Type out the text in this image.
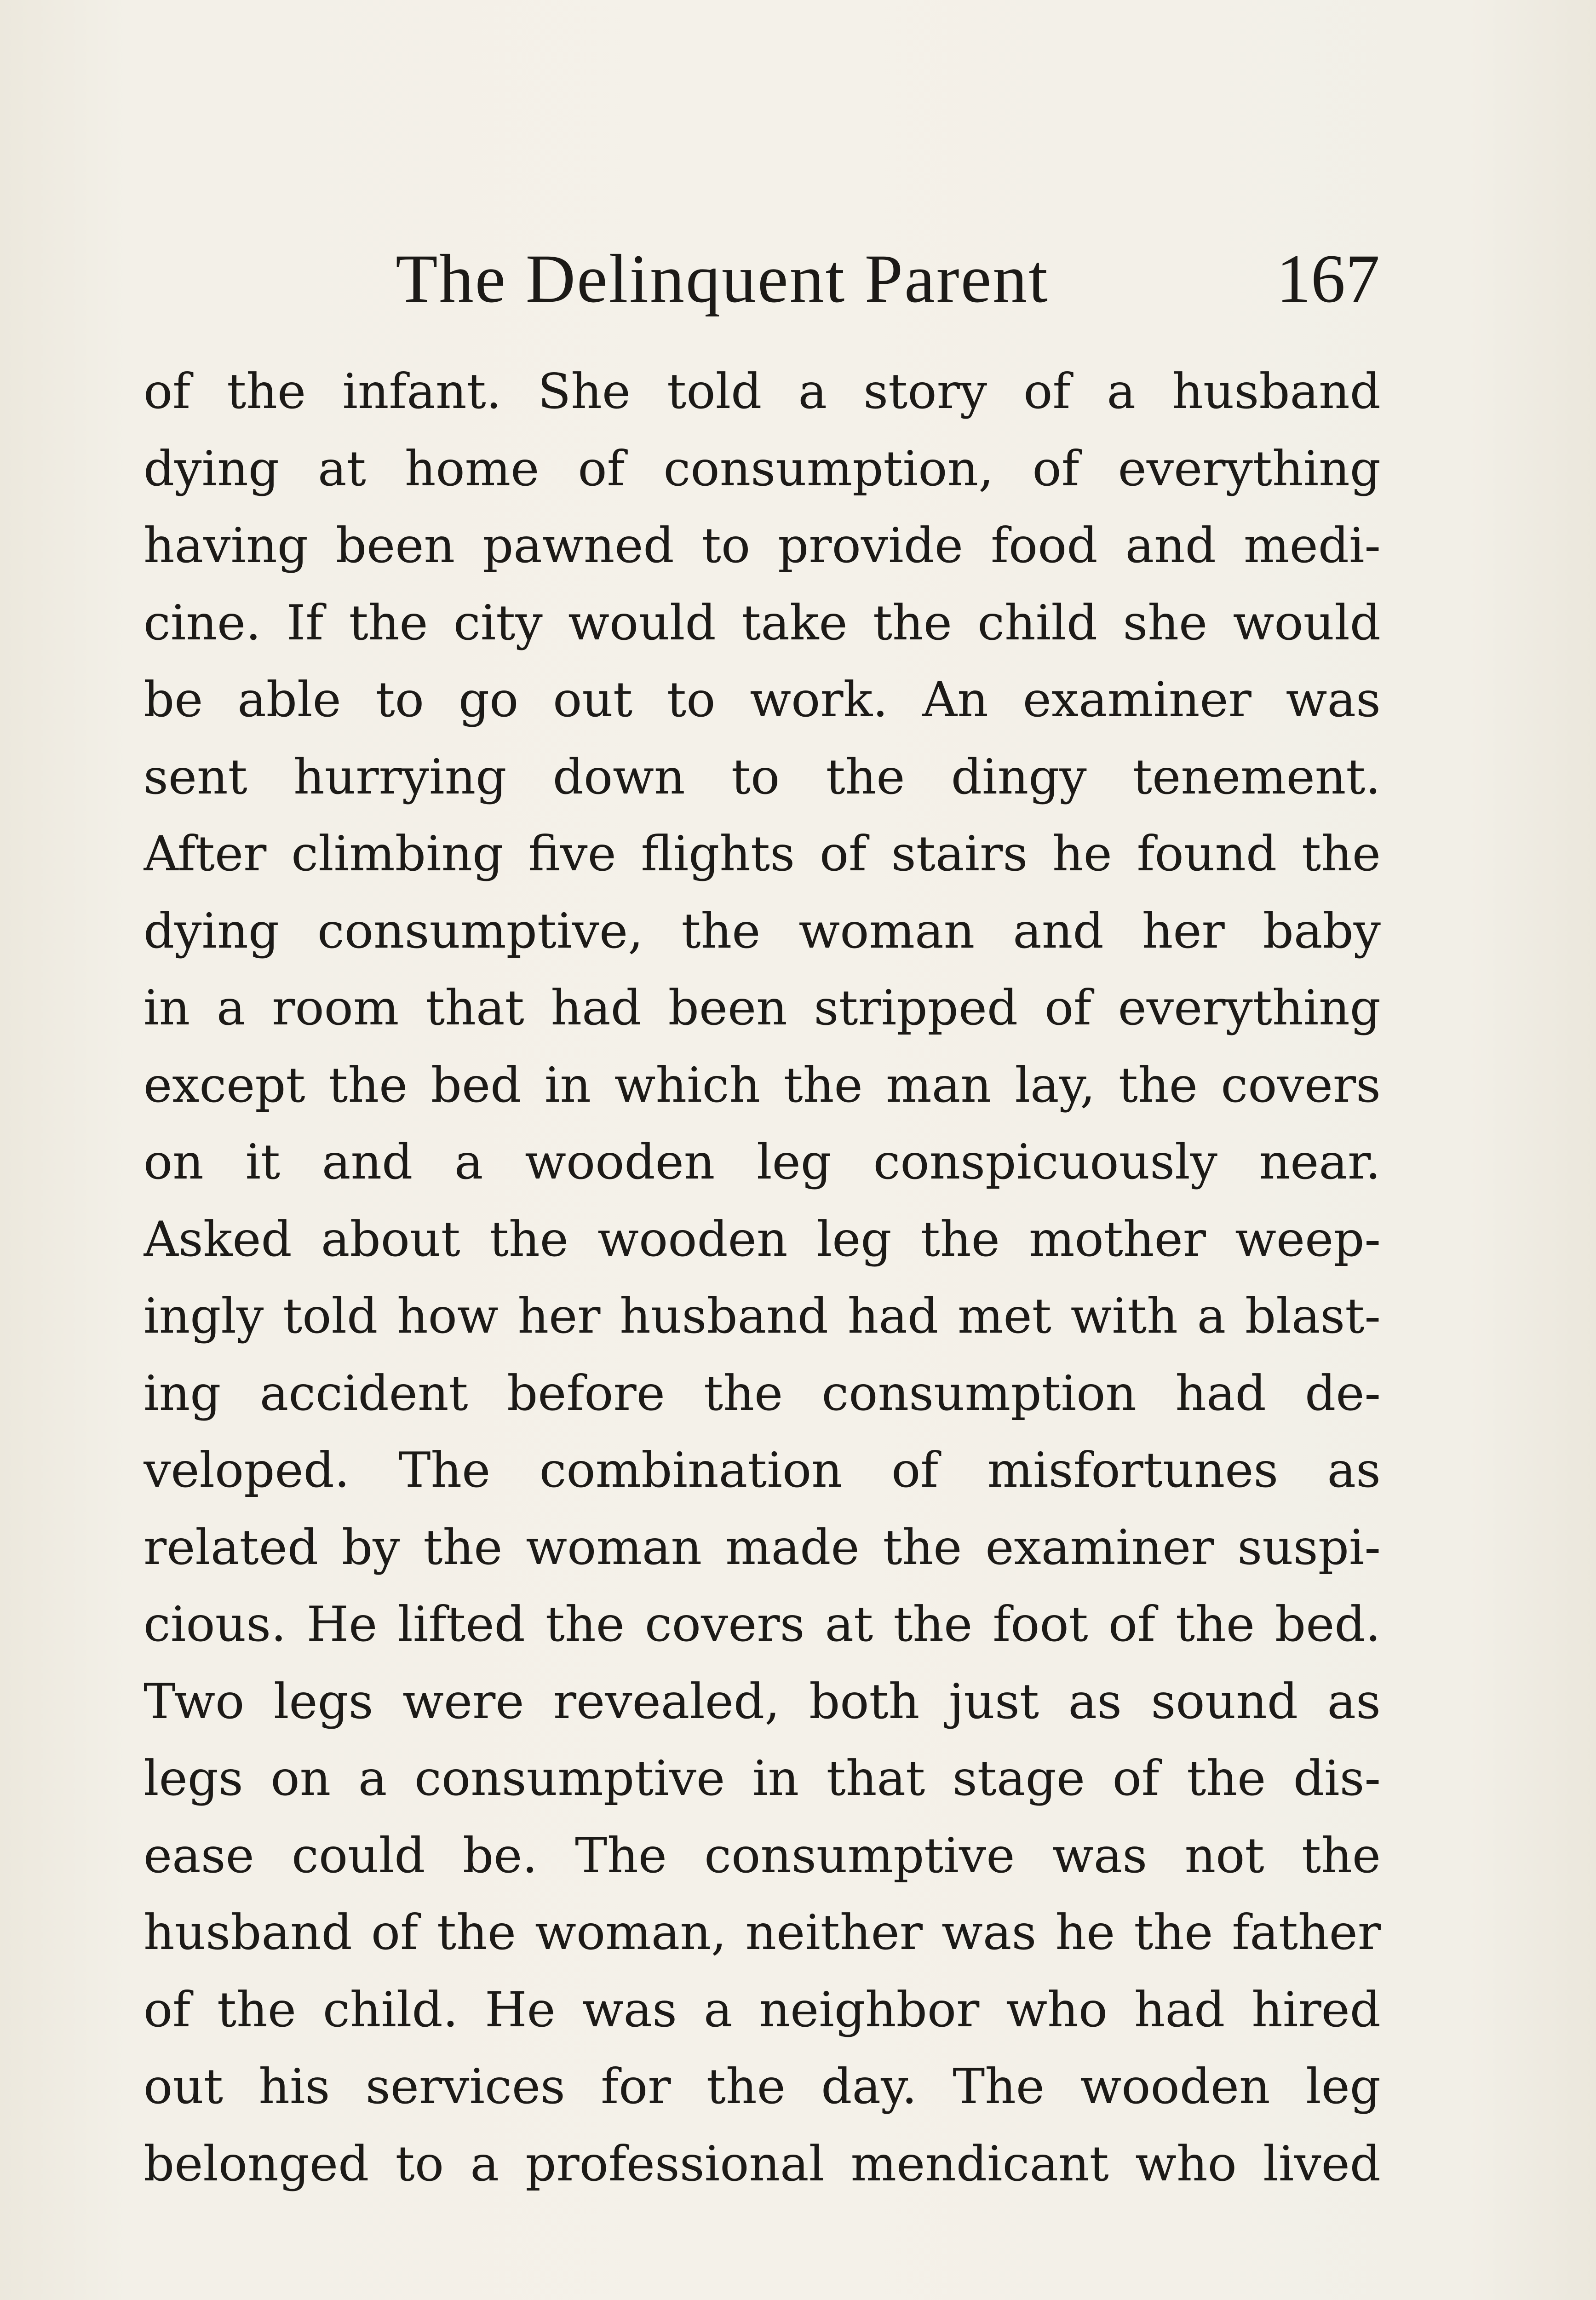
The Delinquent Parent	167
of the infant. She told a story of a husband
dying at home of consumption, of everything
having been pawned to provide food and medi-
cine. If the city would take the child she would
be able to go out to work. An examiner was
sent hurrying down to the dingy tenement.
After climbing five flights of stairs he found the
dying consumptive, the woman and her baby
in a room that had been stripped of everything
except the bed in which the man lay, the covers
on it and a wooden leg conspicuously near.
Asked about the wooden leg the mother weep-
ingly told how her husband had met with a blast-
ing accident before the consumption had de-
veloped. The combination of misfortunes as
related by the woman made the examiner suspi-
cious. He lifted the covers at the foot of the bed.
Two legs were revealed, both just as sound as
legs on a consumptive in that stage of the dis-
ease could be. The consumptive was not the
husband of the woman, neither was he the father
of the child. He was a neighbor who had hired
out his services for the day. The wooden leg
belonged to a professional mendicant who lived
